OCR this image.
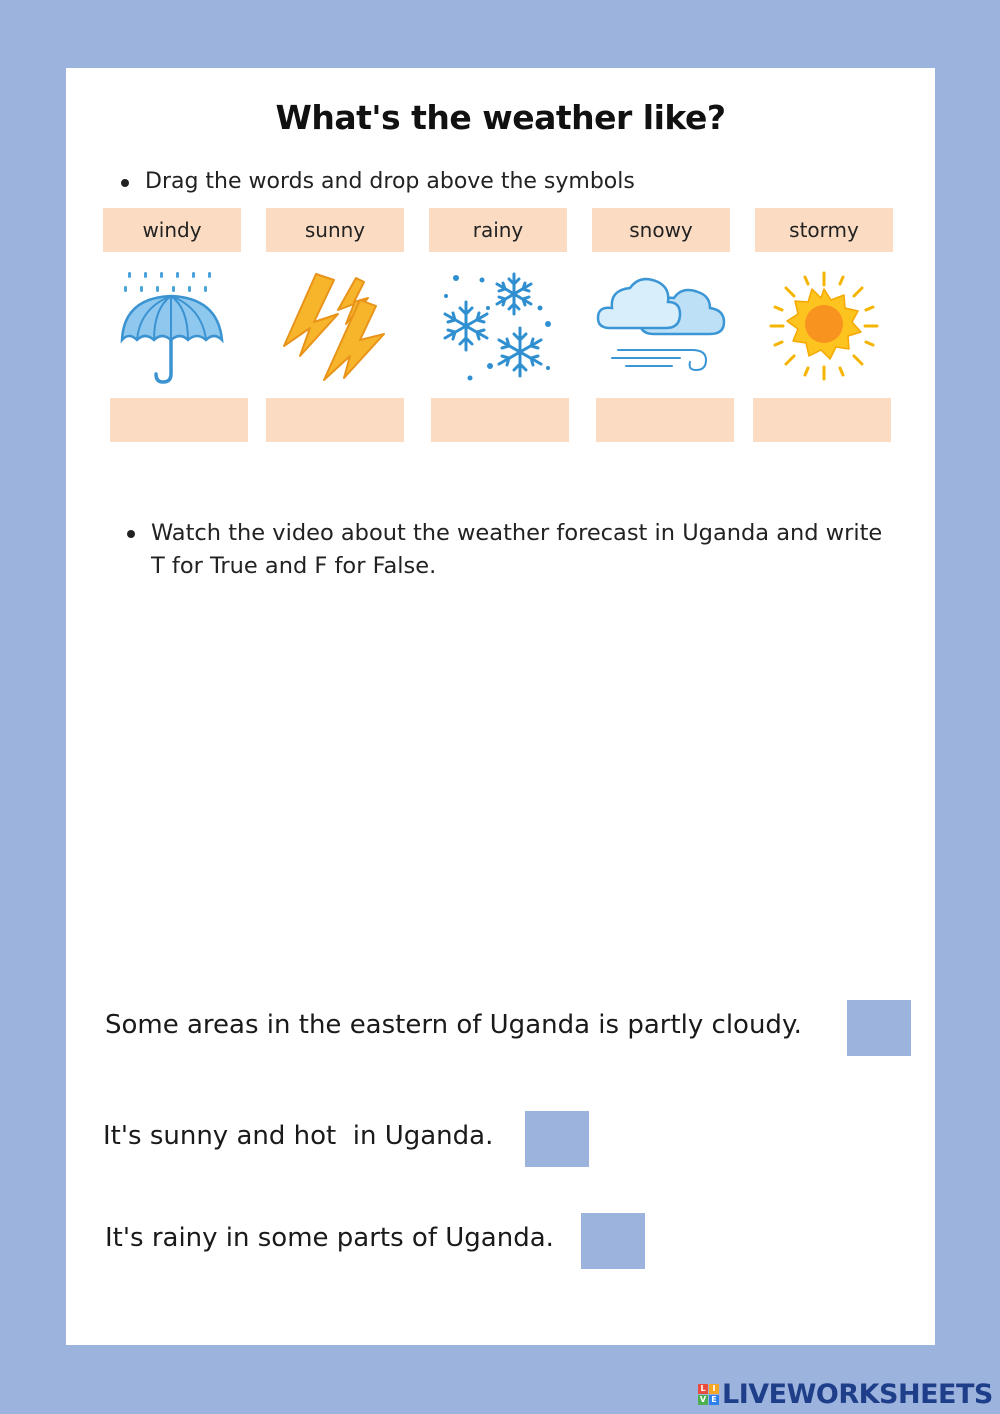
What's the weather like?
Drag the words and drop above the symbols
windy	sunny	rainy	snowy	stormy
Watch the video about the weather forecast in Uganda and write T for True and F for False.
Some areas in the eastern of Uganda is partly cloudy.
It's sunny and hot  in Uganda.
It's rainy in some parts of Uganda.
L I
V E LIVEWORKSHEETS
